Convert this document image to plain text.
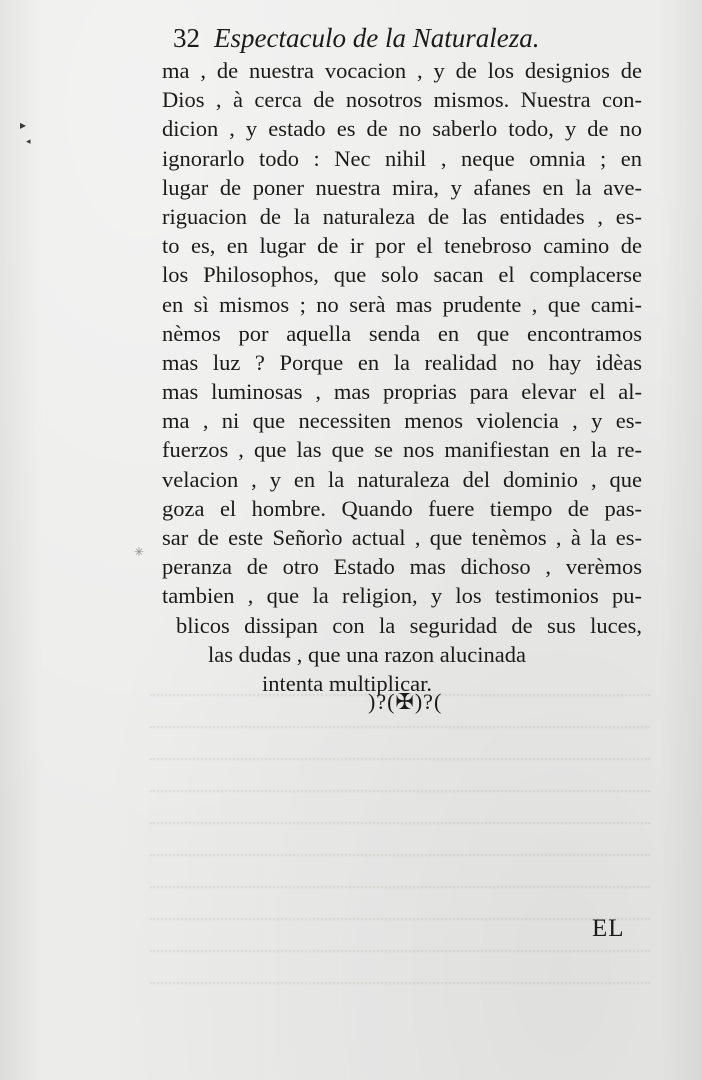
▸
◂
✳
32 Espectaculo de la Naturaleza.
ma , de nuestra vocacion , y de los designios de
Dios , à cerca de nosotros mismos. Nuestra con-
dicion , y estado es de no saberlo todo, y de no
ignorarlo todo : Nec nihil , neque omnia ; en
lugar de poner nuestra mira, y afanes en la ave-
riguacion de la naturaleza de las entidades , es-
to es, en lugar de ir por el tenebroso camino de
los Philosophos, que solo sacan el complacerse
en sì mismos ; no serà mas prudente , que cami-
nèmos por aquella senda en que encontramos
mas luz ? Porque en la realidad no hay idèas
mas luminosas , mas proprias para elevar el al-
ma , ni que necessiten menos violencia , y es-
fuerzos , que las que se nos manifiestan en la re-
velacion , y en la naturaleza del dominio , que
goza el hombre. Quando fuere tiempo de pas-
sar de este Señorìo actual , que tenèmos , à la es-
peranza de otro Estado mas dichoso , verèmos
tambien , que la religion, y los testimonios pu-
blicos dissipan con la seguridad de sus luces,
las dudas , que una razon alucinada
intenta multiplicar.
)?(✠)?(
EL
